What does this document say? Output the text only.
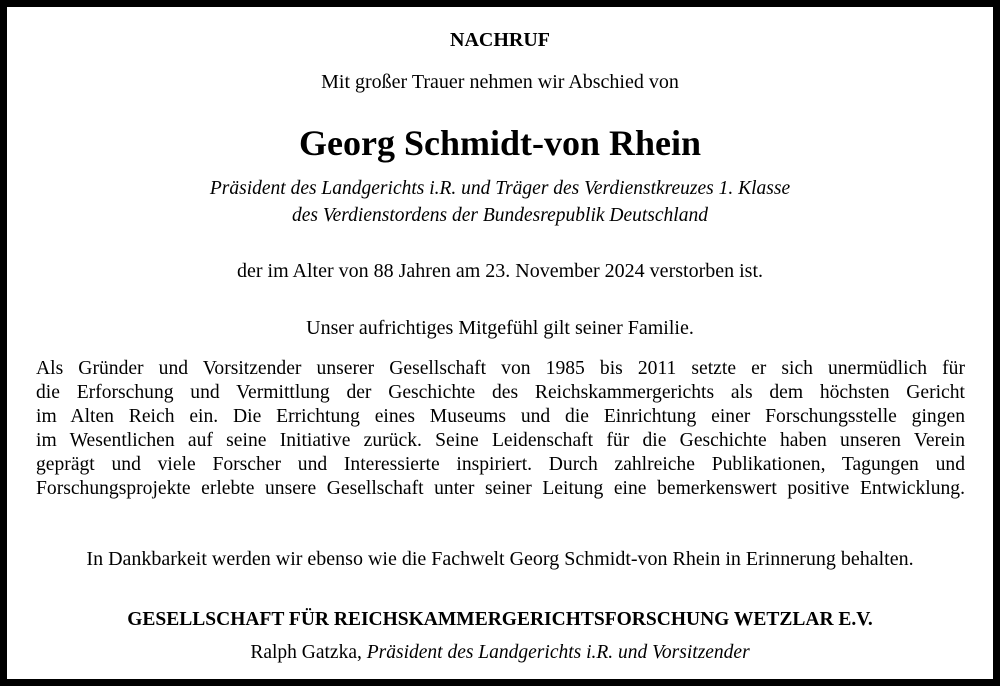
NACHRUF
Mit großer Trauer nehmen wir Abschied von
Georg Schmidt-von Rhein
Präsident des Landgerichts i.R. und Träger des Verdienstkreuzes 1. Klasse
des Verdienstordens der Bundesrepublik Deutschland
der im Alter von 88 Jahren am 23. November 2024 verstorben ist.
Unser aufrichtiges Mitgefühl gilt seiner Familie.
Als Gründer und Vorsitzender unserer Gesellschaft von 1985 bis 2011 setzte er sich unermüdlich für
die Erforschung und Vermittlung der Geschichte des Reichskammergerichts als dem höchsten Gericht
im Alten Reich ein. Die Errichtung eines Museums und die Einrichtung einer Forschungsstelle gingen
im Wesentlichen auf seine Initiative zurück. Seine Leidenschaft für die Geschichte haben unseren Verein
geprägt und viele Forscher und Interessierte inspiriert. Durch zahlreiche Publikationen, Tagungen und
Forschungsprojekte erlebte unsere Gesellschaft unter seiner Leitung eine bemerkenswert positive Entwicklung.
In Dankbarkeit werden wir ebenso wie die Fachwelt Georg Schmidt-von Rhein in Erinnerung behalten.
GESELLSCHAFT FÜR REICHSKAMMERGERICHTSFORSCHUNG WETZLAR E.V.
Ralph Gatzka, Präsident des Landgerichts i.R. und Vorsitzender
